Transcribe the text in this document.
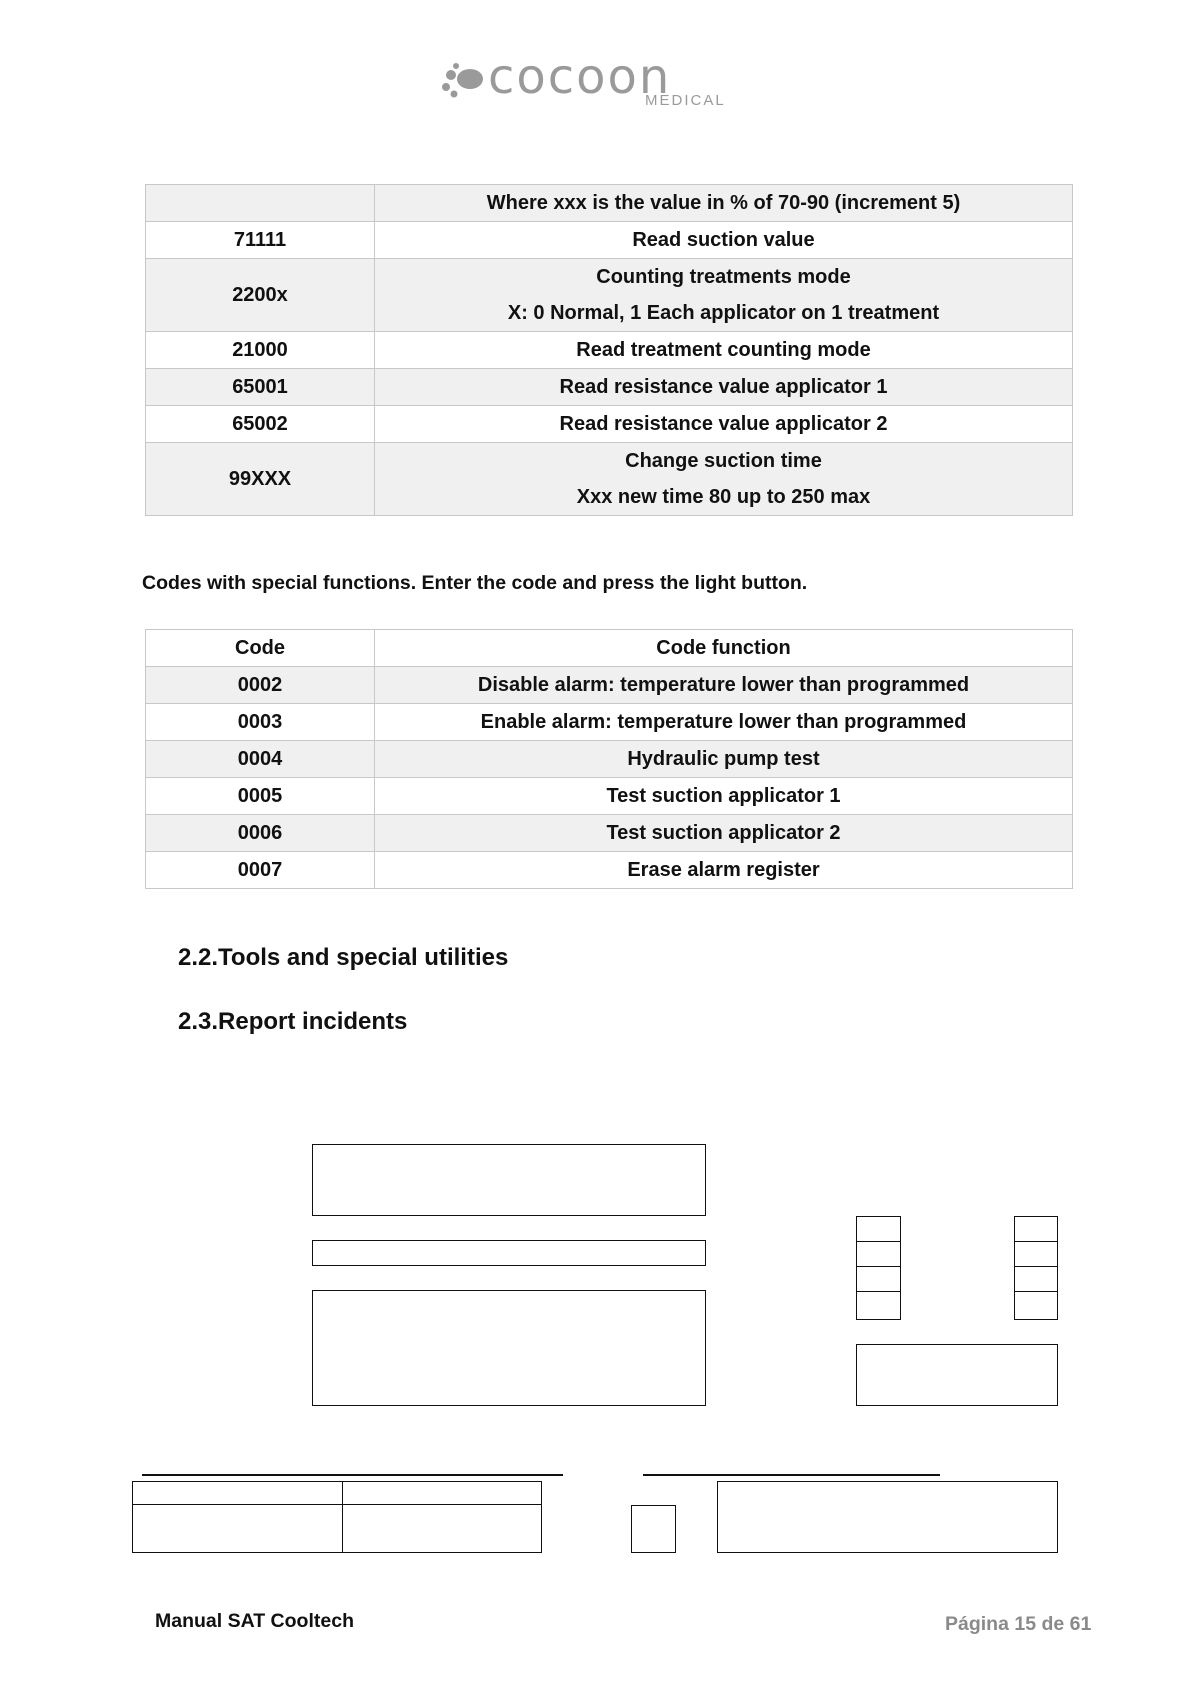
cocoon
MEDICAL

	Where xxx is the value in % of 70-90 (increment 5)

71111	Read suction value

2200x	Counting treatments mode
X: 0 Normal, 1 Each applicator on 1 treatment

21000	Read treatment counting mode

65001	Read resistance value applicator 1

65002	Read resistance value applicator 2

99XXX	Change suction time
Xxx new time 80 up to 250 max
Codes with special functions. Enter the code and press the light button.
Code	Code function
0002	Disable alarm: temperature lower than programmed
0003	Enable alarm: temperature lower than programmed
0004	Hydraulic pump test
0005	Test suction applicator 1
0006	Test suction applicator 2
0007	Erase alarm register
2.2.Tools and special utilities
2.3.Report incidents
Manual SAT Cooltech	Página 15 de 61
